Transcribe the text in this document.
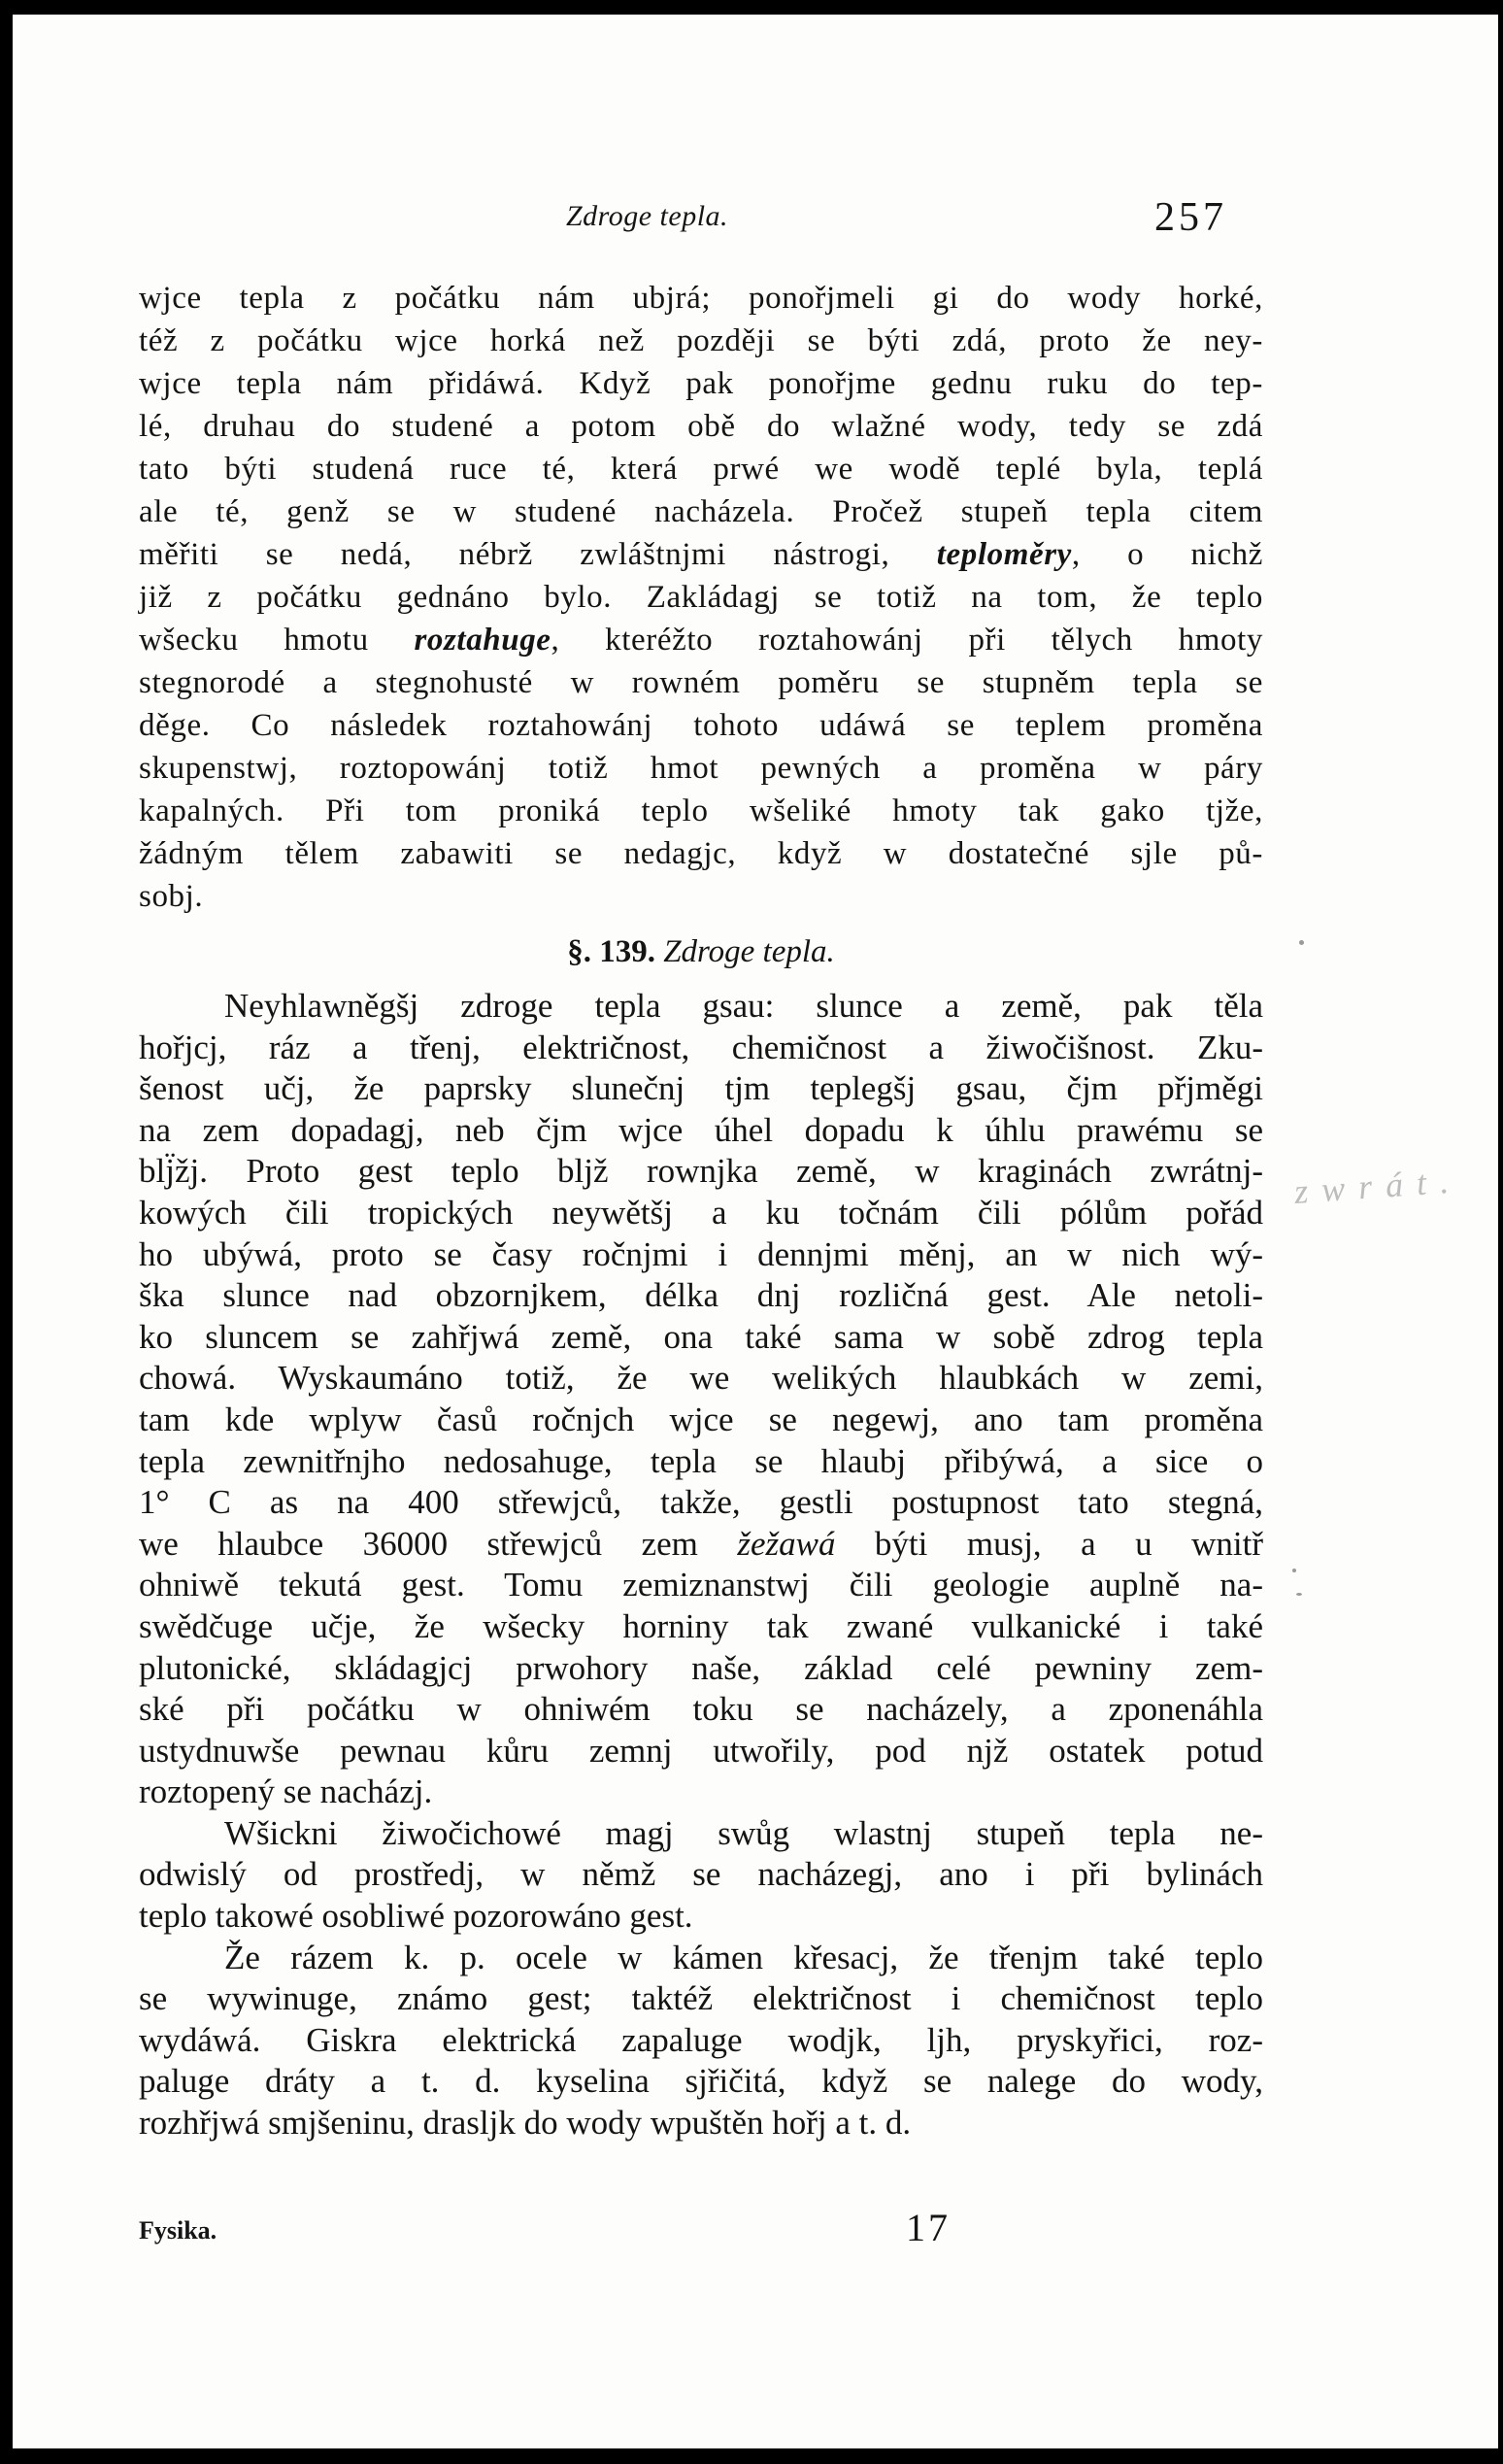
Zdroge tepla.	257
wjce tepla z počátku nám ubjrá; ponořjmeli gi do wody horké,
též z počátku wjce horká než později se býti zdá, proto že ney-
wjce tepla nám přidáwá. Když pak ponořjme gednu ruku do tep-
lé, druhau do studené a potom obě do wlažné wody, tedy se zdá
tato býti studená ruce té, která prwé we wodě teplé byla, teplá
ale té, genž se w studené nacházela. Pročež stupeň tepla citem
měřiti se nedá, nébrž zwláštnjmi nástrogi, teploměry, o nichž
již z počátku gednáno bylo. Zakládagj se totiž na tom, že teplo
wšecku hmotu roztahuge, kteréžto roztahowánj při tělych hmoty
stegnorodé a stegnohusté w rowném poměru se stupněm tepla se
děge. Co následek roztahowánj tohoto udáwá se teplem proměna
skupenstwj, roztopowánj totiž hmot pewných a proměna w páry
kapalných. Při tom proniká teplo wšeliké hmoty tak gako tjže,
žádným tělem zabawiti se nedagjc, když w dostatečné sjle pů-
sobj.
§. 139. Zdroge tepla.
Neyhlawněgšj zdroge tepla gsau: slunce a země, pak těla
hořjcj, ráz a třenj, električnost, chemičnost a žiwočišnost. Zku-
šenost učj, že paprsky slunečnj tjm teplegšj gsau, čjm přjměgi
na zem dopadagj, neb čjm wjce úhel dopadu k úhlu prawému se
blj̈žj. Proto gest teplo bljž rownjka země, w kraginách zwrátnj-
kowých čili tropických neywětšj a ku točnám čili pólům pořád
ho ubýwá, proto se časy ročnjmi i dennjmi měnj, an w nich wý-
ška slunce nad obzornjkem, délka dnj rozličná gest. Ale netoli-
ko sluncem se zahřjwá země, ona také sama w sobě zdrog tepla
chowá. Wyskaumáno totiž, že we welikých hlaubkách w zemi,
tam kde wplyw časů ročnjch wjce se negewj, ano tam proměna
tepla zewnitřnjho nedosahuge, tepla se hlaubj přibýwá, a sice o
1° C as na 400 střewjců, takže, gestli postupnost tato stegná,
we hlaubce 36000 střewjců zem žežawá býti musj, a u wnitř
ohniwě tekutá gest. Tomu zemiznanstwj čili geologie auplně na-
swědčuge učje, že wšecky horniny tak zwané vulkanické i také
plutonické, skládagjcj prwohory naše, základ celé pewniny zem-
ské při počátku w ohniwém toku se nacházely, a zponenáhla
ustydnuwše pewnau kůru zemnj utwořily, pod njž ostatek potud
roztopený se nacházj.
Wšickni žiwočichowé magj swůg wlastnj stupeň tepla ne-
odwislý od prostředj, w němž se nacházegj, ano i při bylinách
teplo takowé osobliwé pozorowáno gest.
Že rázem k. p. ocele w kámen křesacj, že třenjm také teplo
se wywinuge, známo gest; taktéž električnost i chemičnost teplo
wydáwá. Giskra elektrická zapaluge wodjk, ljh, pryskyřici, roz-
paluge dráty a t. d. kyselina sjřičitá, když se nalege do wody,
rozhřjwá smjšeninu, drasljk do wody wpuštěn hořj a t. d.
Fysika.	17
zwrát.
